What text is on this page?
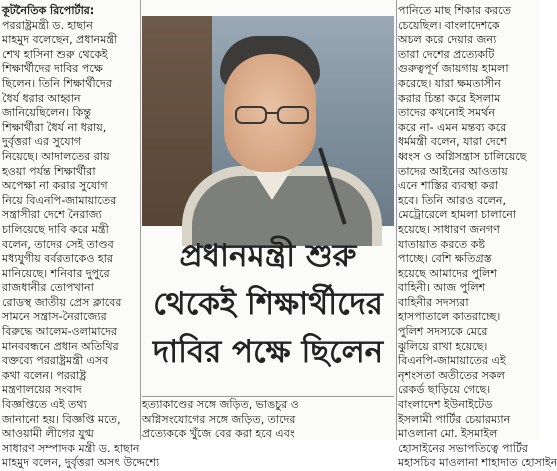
কূটনৈতিক রিপোর্টার:
পররাষ্ট্রমন্ত্রী ড. হাছান
মাহমুদ বলেছেন, প্রধানমন্ত্রী
শেখ হাসিনা শুরু থেকেই
শিক্ষার্থীদের দাবির পক্ষে
ছিলেন। তিনি শিক্ষার্থীদের
ধৈর্য ধরার আহ্বান
জানিয়েছিলেন। কিন্তু
শিক্ষার্থীরা ধৈর্য না ধরায়,
দুর্বৃত্তরা এর সুযোগ
নিয়েছে। আদালতের রায়
হওয়া পর্যন্ত শিক্ষার্থীরা
অপেক্ষা না করার সুযোগ
নিয়ে বিএনপি-জামায়াতের
সন্ত্রাসীরা দেশে নৈরাজ্য
চালিয়েছে দাবি করে মন্ত্রী
বলেন, তাদের সেই তাণ্ডব
মধ্যযুগীয় বর্বরতাকেও হার
মানিয়েছে। শনিবার দুপুরে
রাজধানীর তোপখানা
রোডস্থ জাতীয় প্রেস ক্লাবের
সামনে সন্ত্রাস-নৈরাজ্যের
বিরুদ্ধে আলেম-ওলামাদের
মানববন্ধনে প্রধান অতিথির
বক্তব্যে পররাষ্ট্রমন্ত্রী এসব
কথা বলেন। পররাষ্ট্র
মন্ত্রণালয়ের সংবাদ
বিজ্ঞপ্তিতে এই তথ্য
জানানো হয়। বিজ্ঞপ্তি মতে,
আওয়ামী লীগের যুগ্ম
সাধারণ সম্পাদক মন্ত্রী ড. হাছান
মাহমুদ বলেন, দুর্বৃত্তরা অসৎ উদ্দেশ্যে
প্রধানমন্ত্রী শুরু
থেকেই শিক্ষার্থীদের
দাবির পক্ষে ছিলেন
হত্যাকাণ্ডের সঙ্গে জড়িত, ভাঙচুর ও
অগ্নিসংযোগের সঙ্গে জড়িত, তাদের
প্রত্যেককে খুঁজে বের করা হবে এবং
পানিতে মাছ শিকার করতে
চেয়েছিল। বাংলাদেশকে
অচল করে দেয়ার জন্য
তারা দেশের প্রত্যেকটি
গুরুত্বপূর্ণ জায়গায় হামলা
করেছে। যারা ক্ষমতাসীন
করার চিন্তা করে ইসলাম
তাদের কখনোই সমর্থন
করে না- এমন মন্তব্য করে
ধর্মমন্ত্রী বলেন, যারা দেশে
ধ্বংস ও অগ্নিসন্ত্রাস চালিয়েছে
তাদের আইনের আওতায়
এনে শাস্তির ব্যবস্থা করা
হবে। তিনি আরও বলেন,
মেট্রোরেলে হামলা চালানো
হয়েছে। সাধারণ জনগণ
যাতায়াত করতে কষ্ট
পাচ্ছে। বেশি ক্ষতিগ্রস্ত
হয়েছে আমাদের পুলিশ
বাহিনী। আজ পুলিশ
বাহিনীর সদস্যরা
হাসপাতালে কাতরাচ্ছে।
পুলিশ সদস্যকে মেরে
ঝুলিয়ে রাখা হয়েছে।
বিএনপি-জামায়াতের এই
নৃশংসতা অতীতের সকল
রেকর্ড ছাড়িয়ে গেছে।
বাংলাদেশ ইউনাইটেড
ইসলামী পার্টির চেয়ারম্যান
মাওলানা মো. ইসমাইল
হোসাইনের সভাপতিত্বে পার্টির
মহাসচিব মাওলানা শাহাদাত হোসাইন
